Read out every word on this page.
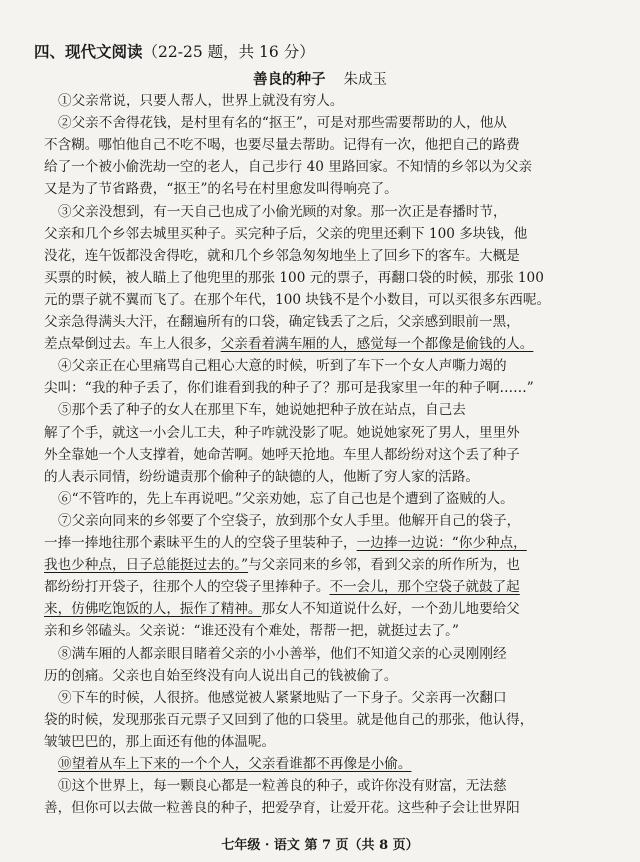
四、现代文阅读（22-25 题，共 16 分）
善良的种子 朱成玉
①父亲常说，只要人帮人，世界上就没有穷人。
②父亲不舍得花钱，是村里有名的“抠王”，可是对那些需要帮助的人，他从
不含糊。哪怕他自己不吃不喝，也要尽量去帮助。记得有一次，他把自己的路费
给了一个被小偷洗劫一空的老人，自己步行 40 里路回家。不知情的乡邻以为父亲
又是为了节省路费，“抠王”的名号在村里愈发叫得响亮了。
③父亲没想到，有一天自己也成了小偷光顾的对象。那一次正是春播时节，
父亲和几个乡邻去城里买种子。买完种子后，父亲的兜里还剩下 100 多块钱，他
没花，连午饭都没舍得吃，就和几个乡邻急匆匆地坐上了回乡下的客车。大概是
买票的时候，被人瞄上了他兜里的那张 100 元的票子，再翻口袋的时候，那张 100
元的票子就不翼而飞了。在那个年代，100 块钱不是个小数目，可以买很多东西呢。
父亲急得满头大汗，在翻遍所有的口袋，确定钱丢了之后，父亲感到眼前一黑，
差点晕倒过去。车上人很多，父亲看着满车厢的人，感觉每一个都像是偷钱的人。
④父亲正在心里痛骂自己粗心大意的时候，听到了车下一个女人声嘶力竭的
尖叫：“我的种子丢了，你们谁看到我的种子了？那可是我家里一年的种子啊……”
⑤那个丢了种子的女人在那里下车，她说她把种子放在站点，自己去
解了个手，就这一小会儿工夫，种子咋就没影了呢。她说她家死了男人，里里外
外全靠她一个人支撑着，她命苦啊。她呼天抢地。车里人都纷纷对这个丢了种子
的人表示同情，纷纷谴责那个偷种子的缺德的人，他断了穷人家的活路。
⑥“不管咋的，先上车再说吧。”父亲劝她，忘了自己也是个遭到了盗贼的人。
⑦父亲向同来的乡邻要了个空袋子，放到那个女人手里。他解开自己的袋子，
一捧一捧地往那个素昧平生的人的空袋子里装种子，一边捧一边说：“你少种点，
我也少种点，日子总能挺过去的。”与父亲同来的乡邻，看到父亲的所作所为，也
都纷纷打开袋子，往那个人的空袋子里捧种子。不一会儿，那个空袋子就鼓了起
来，仿佛吃饱饭的人，振作了精神。那女人不知道说什么好，一个劲儿地要给父
亲和乡邻磕头。父亲说：“谁还没有个难处，帮帮一把，就挺过去了。”
⑧满车厢的人都亲眼目睹着父亲的小小善举，他们不知道父亲的心灵刚刚经
历的创痛。父亲也自始至终没有向人说出自己的钱被偷了。
⑨下车的时候，人很挤。他感觉被人紧紧地贴了一下身子。父亲再一次翻口
袋的时候，发现那张百元票子又回到了他的口袋里。就是他自己的那张，他认得，
皱皱巴巴的，那上面还有他的体温呢。
⑩望着从车上下来的一个个人，父亲看谁都不再像是小偷。
⑪这个世界上，每一颗良心都是一粒善良的种子，或许你没有财富，无法慈
善，但你可以去做一粒善良的种子，把爱孕育，让爱开花。这些种子会让世界阳
七年级 · 语文 第 7 页（共 8 页）
